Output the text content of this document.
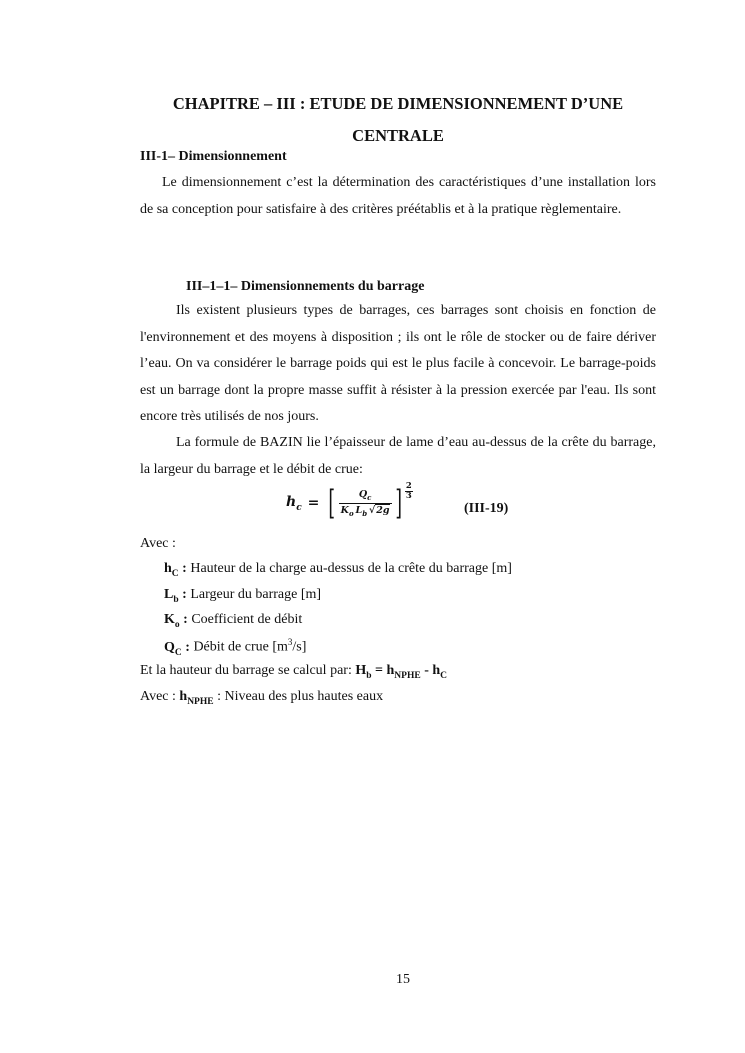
CHAPITRE – III : ETUDE DE DIMENSIONNEMENT D’UNE CENTRALE
III-1– Dimensionnement

Le dimensionnement c’est la détermination des caractéristiques d’une installation lors de sa conception pour satisfaire à des critères préétablis et à la pratique règlementaire.

III–1–1– Dimensionnements du barrage

Ils existent plusieurs types de barrages, ces barrages sont choisis en fonction de l'environnement et des moyens à disposition ; ils ont le rôle de stocker ou de faire dériver l’eau. On va considérer le barrage poids qui est le plus facile à concevoir. Le barrage-poids est un barrage dont la propre masse suffit à résister à la pression exercée par l'eau. Ils sont encore très utilisés de nos jours.

La formule de BAZIN lie l’épaisseur de lame d’eau au-dessus de la crête du barrage, la largeur du barrage et le débit de crue:

$h_c$ = [ $\frac{Q_c}{K_o L_b √2g}$ ] 2
3
(III-19)
Avec :
$h_C$ : Hauteur de la charge au-dessus de la crête du barrage [m]
$L_b$ : Largeur du barrage [m]
$K_o$ : Coefficient de débit
$Q_C$ : Débit de crue $[m^3/s]$
Et la hauteur du barrage se calcul par: $H_b = h_{NPHE} - h_C$
Avec : $h_{NPHE}$ : Niveau des plus hautes eaux
15
